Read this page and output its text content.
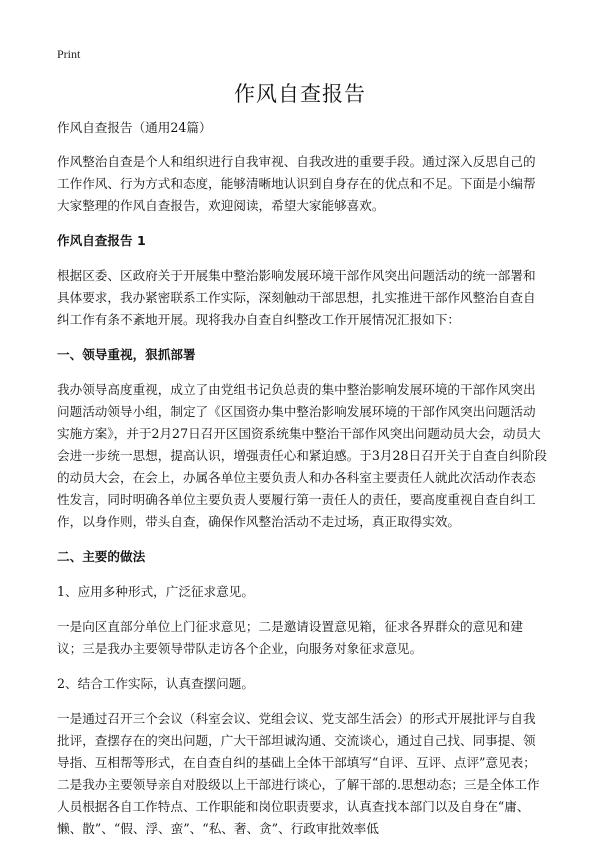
Print
作风自查报告

作风自查报告（通用24篇）

作风整治自查是个人和组织进行自我审视、自我改进的重要手段。通过深入反思自己的工作作风、行为方式和态度，能够清晰地认识到自身存在的优点和不足。下面是小编帮大家整理的作风自查报告，欢迎阅读，希望大家能够喜欢。

作风自查报告 1

根据区委、区政府关于开展集中整治影响发展环境干部作风突出问题活动的统一部署和具体要求，我办紧密联系工作实际，深刻触动干部思想，扎实推进干部作风整治自查自纠工作有条不紊地开展。现将我办自查自纠整改工作开展情况汇报如下：

一、领导重视，狠抓部署

我办领导高度重视，成立了由党组书记负总责的集中整治影响发展环境的干部作风突出问题活动领导小组，制定了《区国资办集中整治影响发展环境的干部作风突出问题活动实施方案》，并于2月27日召开区国资系统集中整治干部作风突出问题动员大会，动员大会进一步统一思想，提高认识，增强责任心和紧迫感。于3月28日召开关于自查自纠阶段的动员大会，在会上，办属各单位主要负责人和办各科室主要责任人就此次活动作表态性发言，同时明确各单位主要负责人要履行第一责任人的责任，要高度重视自查自纠工作，以身作则，带头自查，确保作风整治活动不走过场，真正取得实效。

二、主要的做法

1、应用多种形式，广泛征求意见。

一是向区直部分单位上门征求意见；二是邀请设置意见箱，征求各界群众的意见和建议；三是我办主要领导带队走访各个企业，向服务对象征求意见。

2、结合工作实际，认真查摆问题。

一是通过召开三个会议（科室会议、党组会议、党支部生活会）的形式开展批评与自我批评，查摆存在的突出问题，广大干部坦诚沟通、交流谈心，通过自己找、同事提、领导指、互相帮等形式，在自查自纠的基础上全体干部填写“自评、互评、点评”意见表；二是我办主要领导亲自对股级以上干部进行谈心，了解干部的.思想动态；三是全体工作人员根据各自工作特点、工作职能和岗位职责要求，认真查找本部门以及自身在“庸、懒、散”、“假、浮、蛮”、“私、奢、贪”、行政审批效率低
